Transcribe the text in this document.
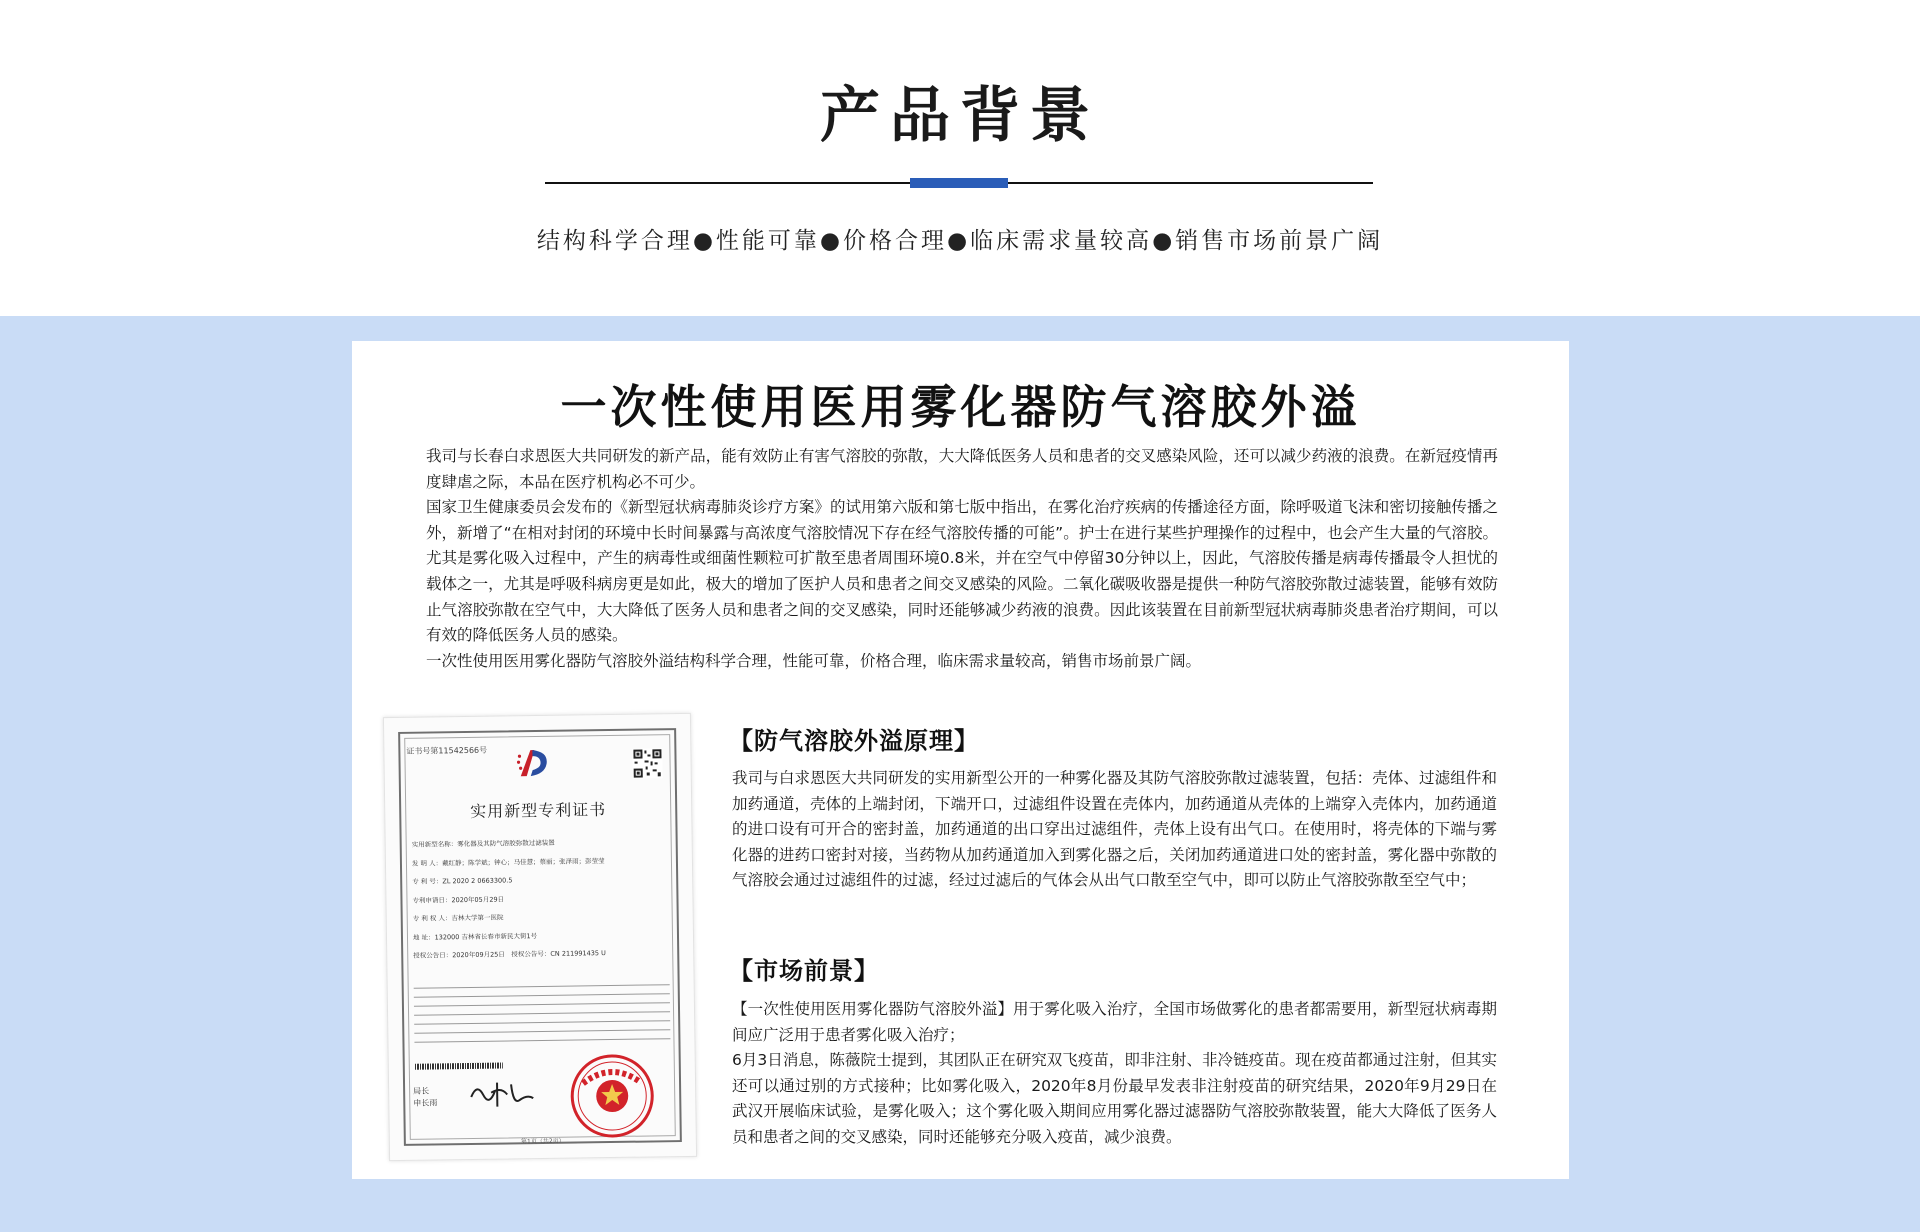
产品背景
结构科学合理●性能可靠●价格合理●临床需求量较高●销售市场前景广阔
一次性使用医用雾化器防气溶胶外溢

我司与长春白求恩医大共同研发的新产品，能有效防止有害气溶胶的弥散，大大降低医务人员和患者的交叉感染风险，还可以减少药液的浪费。在新冠疫情再度肆虐之际，本品在医疗机构必不可少。

国家卫生健康委员会发布的《新型冠状病毒肺炎诊疗方案》的试用第六版和第七版中指出，在雾化治疗疾病的传播途径方面，除呼吸道飞沫和密切接触传播之外，新增了“在相对封闭的环境中长时间暴露与高浓度气溶胶情况下存在经气溶胶传播的可能”。护士在进行某些护理操作的过程中，也会产生大量的气溶胶。尤其是雾化吸入过程中，产生的病毒性或细菌性颗粒可扩散至患者周围环境0.8米，并在空气中停留30分钟以上，因此，气溶胶传播是病毒传播最令人担忧的载体之一，尤其是呼吸科病房更是如此，极大的增加了医护人员和患者之间交叉感染的风险。二氧化碳吸收器是提供一种防气溶胶弥散过滤装置，能够有效防止气溶胶弥散在空气中，大大降低了医务人员和患者之间的交叉感染，同时还能够减少药液的浪费。因此该装置在目前新型冠状病毒肺炎患者治疗期间，可以有效的降低医务人员的感染。

一次性使用医用雾化器防气溶胶外溢结构科学合理，性能可靠，价格合理，临床需求量较高，销售市场前景广阔。

证书号第11542566号
实用新型专利证书
实用新型名称：雾化器及其防气溶胶弥散过滤装置
发 明 人：戴红静；陈学斌；钟心；马佳慧；蔡丽；张泽雨；彭莹莹
专 利 号：ZL 2020 2 0663300.5
专利申请日：2020年05月29日
专 利 权 人：吉林大学第一医院
地 址：132000 吉林省长春市新民大街1号
授权公告日：2020年09月25日　授权公告号：CN 211991435 U
局长
申长雨
第1页（共2页）
【防气溶胶外溢原理】

我司与白求恩医大共同研发的实用新型公开的一种雾化器及其防气溶胶弥散过滤装置，包括：壳体、过滤组件和加药通道，壳体的上端封闭，下端开口，过滤组件设置在壳体内，加药通道从壳体的上端穿入壳体内，加药通道的进口设有可开合的密封盖，加药通道的出口穿出过滤组件，壳体上设有出气口。在使用时，将壳体的下端与雾化器的进药口密封对接，当药物从加药通道加入到雾化器之后，关闭加药通道进口处的密封盖，雾化器中弥散的气溶胶会通过过滤组件的过滤，经过过滤后的气体会从出气口散至空气中，即可以防止气溶胶弥散至空气中；

【市场前景】

【一次性使用医用雾化器防气溶胶外溢】用于雾化吸入治疗，全国市场做雾化的患者都需要用，新型冠状病毒期间应广泛用于患者雾化吸入治疗；

6月3日消息，陈薇院士提到，其团队正在研究双飞疫苗，即非注射、非冷链疫苗。现在疫苗都通过注射，但其实还可以通过别的方式接种；比如雾化吸入，2020年8月份最早发表非注射疫苗的研究结果，2020年9月29日在武汉开展临床试验，是雾化吸入；这个雾化吸入期间应用雾化器过滤器防气溶胶弥散装置，能大大降低了医务人员和患者之间的交叉感染，同时还能够充分吸入疫苗，减少浪费。
